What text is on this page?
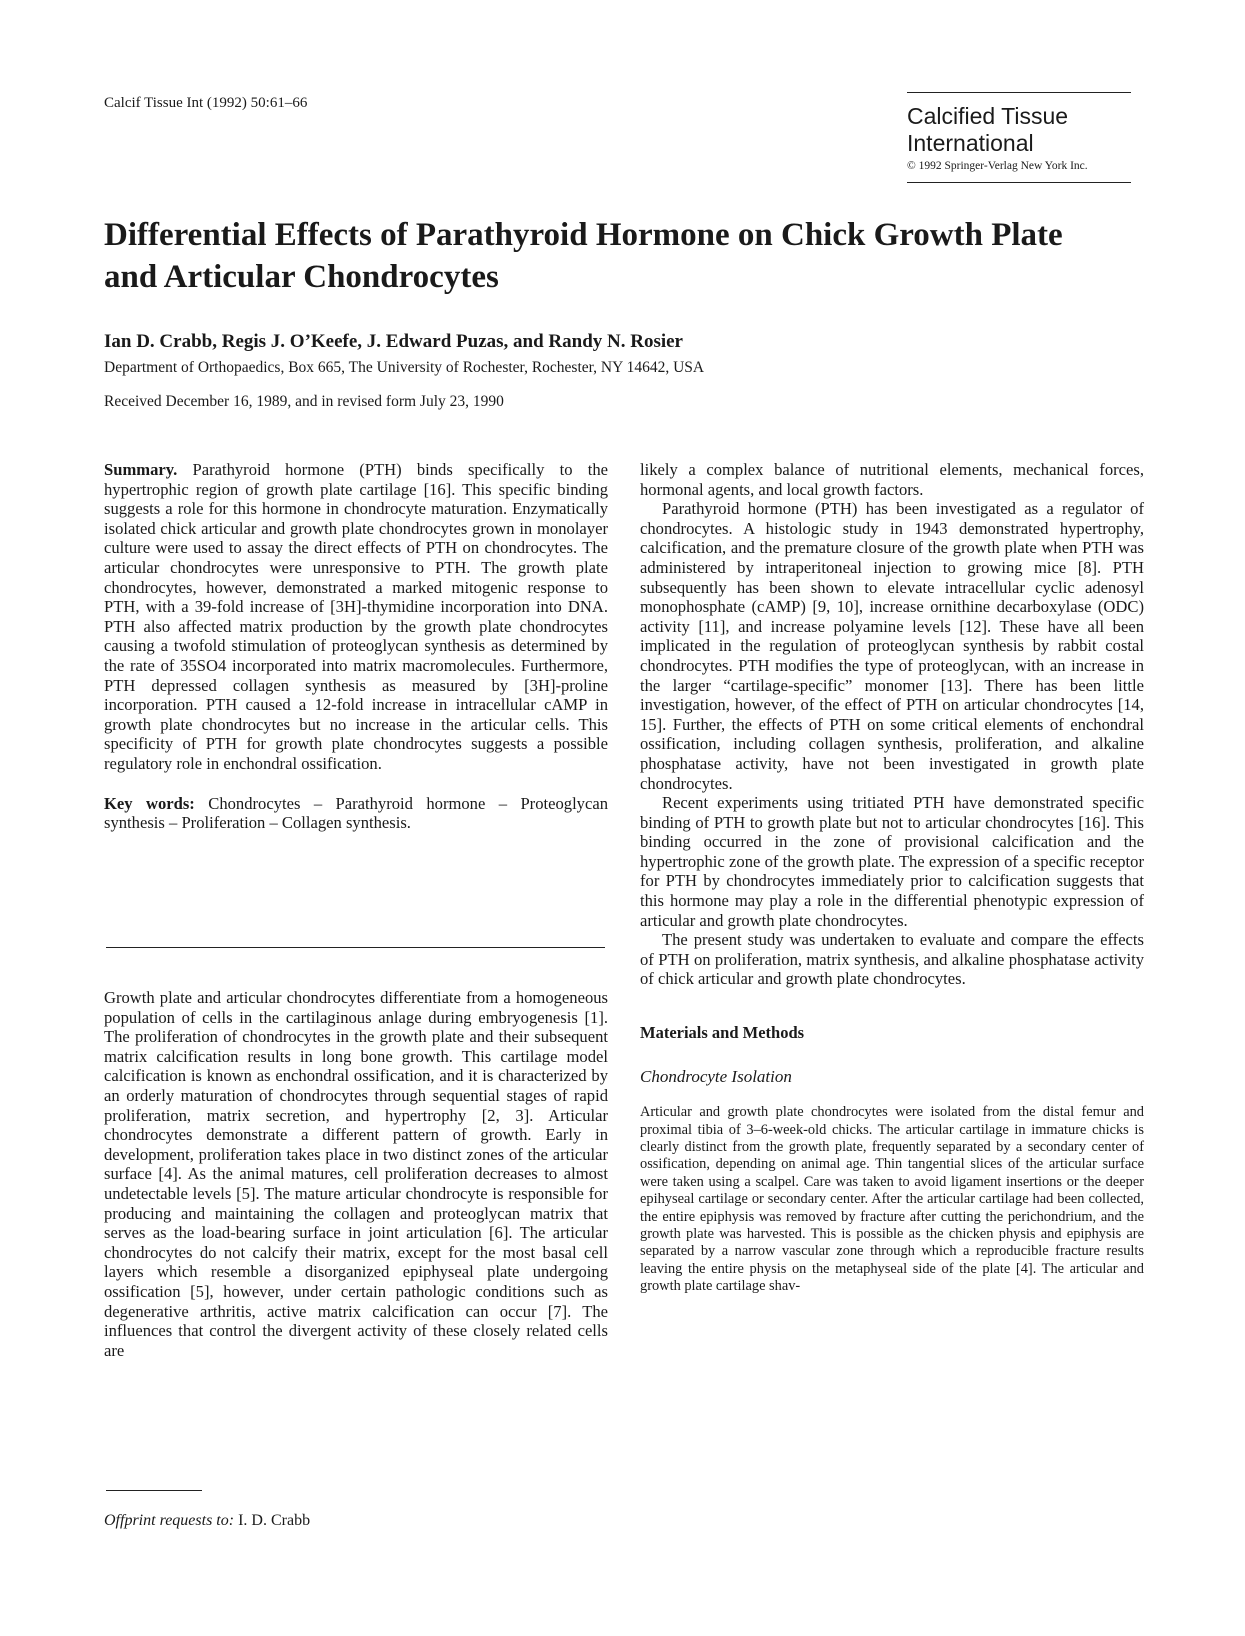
Calcif Tissue Int (1992) 50:61–66	Calcified Tissue
International
© 1992 Springer-Verlag New York Inc.
Differential Effects of Parathyroid Hormone on Chick Growth Plate
and Articular Chondrocytes
Ian D. Crabb, Regis J. O’Keefe, J. Edward Puzas, and Randy N. Rosier
Department of Orthopaedics, Box 665, The University of Rochester, Rochester, NY 14642, USA
Received December 16, 1989, and in revised form July 23, 1990

Summary. Parathyroid hormone (PTH) binds specifically to the hypertrophic region of growth plate cartilage [16]. This specific binding suggests a role for this hormone in chondrocyte maturation. Enzymatically isolated chick articular and growth plate chondrocytes grown in monolayer culture were used to assay the direct effects of PTH on chondrocytes. The articular chondrocytes were unresponsive to PTH. The growth plate chondrocytes, however, demonstrated a marked mitogenic response to PTH, with a 39-fold increase of [3H]-thymidine incorporation into DNA. PTH also affected matrix production by the growth plate chondrocytes causing a twofold stimulation of proteoglycan synthesis as determined by the rate of 35SO4 incorporated into matrix macromolecules. Furthermore, PTH depressed collagen synthesis as measured by [3H]-proline incorporation. PTH caused a 12-fold increase in intracellular cAMP in growth plate chondrocytes but no increase in the articular cells. This specificity of PTH for growth plate chondrocytes suggests a possible regulatory role in enchondral ossification.

Key words: Chondrocytes – Parathyroid hormone – Proteoglycan synthesis – Proliferation – Collagen synthesis.

Growth plate and articular chondrocytes differentiate from a homogeneous population of cells in the cartilaginous anlage during embryogenesis [1]. The proliferation of chondrocytes in the growth plate and their subsequent matrix calcification results in long bone growth. This cartilage model calcification is known as enchondral ossification, and it is characterized by an orderly maturation of chondrocytes through sequential stages of rapid proliferation, matrix secretion, and hypertrophy [2, 3]. Articular chondrocytes demonstrate a different pattern of growth. Early in development, proliferation takes place in two distinct zones of the articular surface [4]. As the animal matures, cell proliferation decreases to almost undetectable levels [5]. The mature articular chondrocyte is responsible for producing and maintaining the collagen and proteoglycan matrix that serves as the load-bearing surface in joint articulation [6]. The articular chondrocytes do not calcify their matrix, except for the most basal cell layers which resemble a disorganized epiphyseal plate undergoing ossification [5], however, under certain pathologic conditions such as degenerative arthritis, active matrix calcification can occur [7]. The influences that control the divergent activity of these closely related cells are

Offprint requests to: I. D. Crabb

likely a complex balance of nutritional elements, mechanical forces, hormonal agents, and local growth factors.

Parathyroid hormone (PTH) has been investigated as a regulator of chondrocytes. A histologic study in 1943 demonstrated hypertrophy, calcification, and the premature closure of the growth plate when PTH was administered by intraperitoneal injection to growing mice [8]. PTH subsequently has been shown to elevate intracellular cyclic adenosyl monophosphate (cAMP) [9, 10], increase ornithine decarboxylase (ODC) activity [11], and increase polyamine levels [12]. These have all been implicated in the regulation of proteoglycan synthesis by rabbit costal chondrocytes. PTH modifies the type of proteoglycan, with an increase in the larger “cartilage-specific” monomer [13]. There has been little investigation, however, of the effect of PTH on articular chondrocytes [14, 15]. Further, the effects of PTH on some critical elements of enchondral ossification, including collagen synthesis, proliferation, and alkaline phosphatase activity, have not been investigated in growth plate chondrocytes.

Recent experiments using tritiated PTH have demonstrated specific binding of PTH to growth plate but not to articular chondrocytes [16]. This binding occurred in the zone of provisional calcification and the hypertrophic zone of the growth plate. The expression of a specific receptor for PTH by chondrocytes immediately prior to calcification suggests that this hormone may play a role in the differential phenotypic expression of articular and growth plate chondrocytes.

The present study was undertaken to evaluate and compare the effects of PTH on proliferation, matrix synthesis, and alkaline phosphatase activity of chick articular and growth plate chondrocytes.

Materials and Methods
Chondrocyte Isolation

Articular and growth plate chondrocytes were isolated from the distal femur and proximal tibia of 3–6-week-old chicks. The articular cartilage in immature chicks is clearly distinct from the growth plate, frequently separated by a secondary center of ossification, depending on animal age. Thin tangential slices of the articular surface were taken using a scalpel. Care was taken to avoid ligament insertions or the deeper epihyseal cartilage or secondary center. After the articular cartilage had been collected, the entire epiphysis was removed by fracture after cutting the perichondrium, and the growth plate was harvested. This is possible as the chicken physis and epiphysis are separated by a narrow vascular zone through which a reproducible fracture results leaving the entire physis on the metaphyseal side of the plate [4]. The articular and growth plate cartilage shav-
